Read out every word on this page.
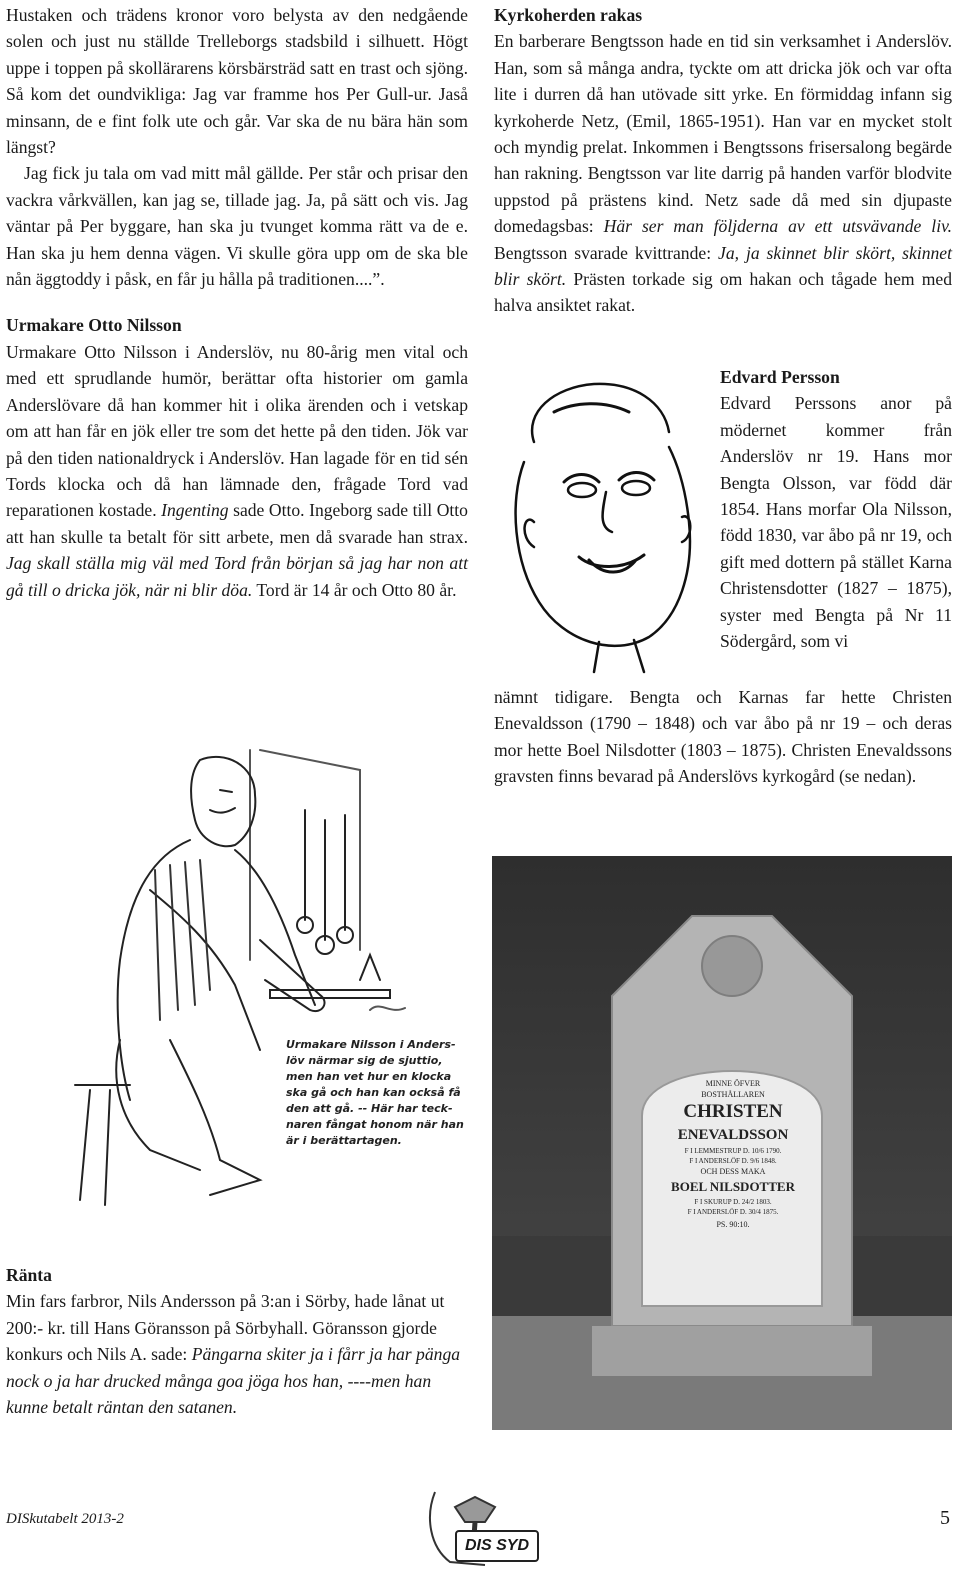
Hustaken och trädens kronor voro belysta av den nedgående solen och just nu ställde Trelleborgs stadsbild i silhuett. Högt uppe i toppen på skollärarens körsbärsträd satt en trast och sjöng. Så kom det oundvikliga: Jag var framme hos Per Gull-ur. Jaså minsann, de e fint folk ute och går. Var ska de nu bära hän som längst?

Jag fick ju tala om vad mitt mål gällde. Per står och prisar den vackra vårkvällen, kan jag se, tillade jag. Ja, på sätt och vis. Jag väntar på Per byggare, han ska ju tvunget komma rätt va de e. Han ska ju hem denna vägen. Vi skulle göra upp om de ska ble nån äggtoddy i påsk, en får ju hålla på traditionen....”.

Urmakare Otto Nilsson

Urmakare Otto Nilsson i Anderslöv, nu 80-årig men vital och med ett sprudlande humör, berättar ofta historier om gamla Anderslövare då han kommer hit i olika ärenden och i vetskap om att han får en jök eller tre som det hette på den tiden. Jök var på den tiden nationaldryck i Anderslöv. Han lagade för en tid sén Tords klocka och då han lämnade den, frågade Tord vad reparationen kostade. Ingenting sade Otto. Ingeborg sade till Otto att han skulle ta betalt för sitt arbete, men då svarade han strax. Jag skall ställa mig väl med Tord från början så jag har non att gå till o dricka jök, när ni blir döa. Tord är 14 år och Otto 80 år.

Urmakare Nilsson i Anders-
löv närmar sig de sjuttio,
men han vet hur en klocka
ska gå och han kan också få
den att gå. -- Här har teck-
naren fångat honom när han
är i berättartagen.
Ränta

Min fars farbror, Nils Andersson på 3:an i Sörby, hade lånat ut 200:- kr. till Hans Göransson på Sörbyhall. Göransson gjorde konkurs och Nils A. sade: Pängarna skiter ja i fårr ja har pänga nock o ja har drucked många goa jöga hos han, ----men han kunne betalt räntan den satanen.

Kyrkoherden rakas

En barberare Bengtsson hade en tid sin verksamhet i Anderslöv. Han, som så många andra, tyckte om att dricka jök och var ofta lite i durren då han utövade sitt yrke. En förmiddag infann sig kyrkoherde Netz, (Emil, 1865-1951). Han var en mycket stolt och myndig prelat. Inkommen i Bengtssons frisersalong begärde han rakning. Bengtsson var lite darrig på handen varför blodvite uppstod på prästens kind. Netz sade då med sin djupaste domedagsbas: Här ser man följderna av ett utsvävande liv. Bengtsson svarade kvittrande: Ja, ja skinnet blir skört, skinnet blir skört. Prästen torkade sig om hakan och tågade hem med halva ansiktet rakat.

Edvard Persson

Edvard Perssons anor på mödernet kommer från Anderslöv nr 19. Hans mor Bengta Olsson, var född där 1854. Hans morfar Ola Nilsson, född 1830, var åbo på nr 19, och gift med dottern på stället Karna Christensdotter (1827 – 1875), syster med Bengta på Nr 11 Södergård, som vi

nämnt tidigare. Bengta och Karnas far hette Christen Enevaldsson (1790 – 1848) och var åbo på nr 19 – och deras mor hette Boel Nilsdotter (1803 – 1875). Christen Enevaldssons gravsten finns bevarad på Anderslövs kyrkogård (se nedan).

MINNE ÖFVER
BOSTHÅLLAREN
CHRISTEN
ENEVALDSSON
F I LEMMESTRUP D. 10/6 1790.
F I ANDERSLÖF D. 9/6 1848.
OCH DESS MAKA
BOEL NILSDOTTER
F I SKURUP D. 24/2 1803.
F I ANDERSLÖF D. 30/4 1875.
PS. 90:10.
DISkutabelt 2013-2
DIS SYD
5
